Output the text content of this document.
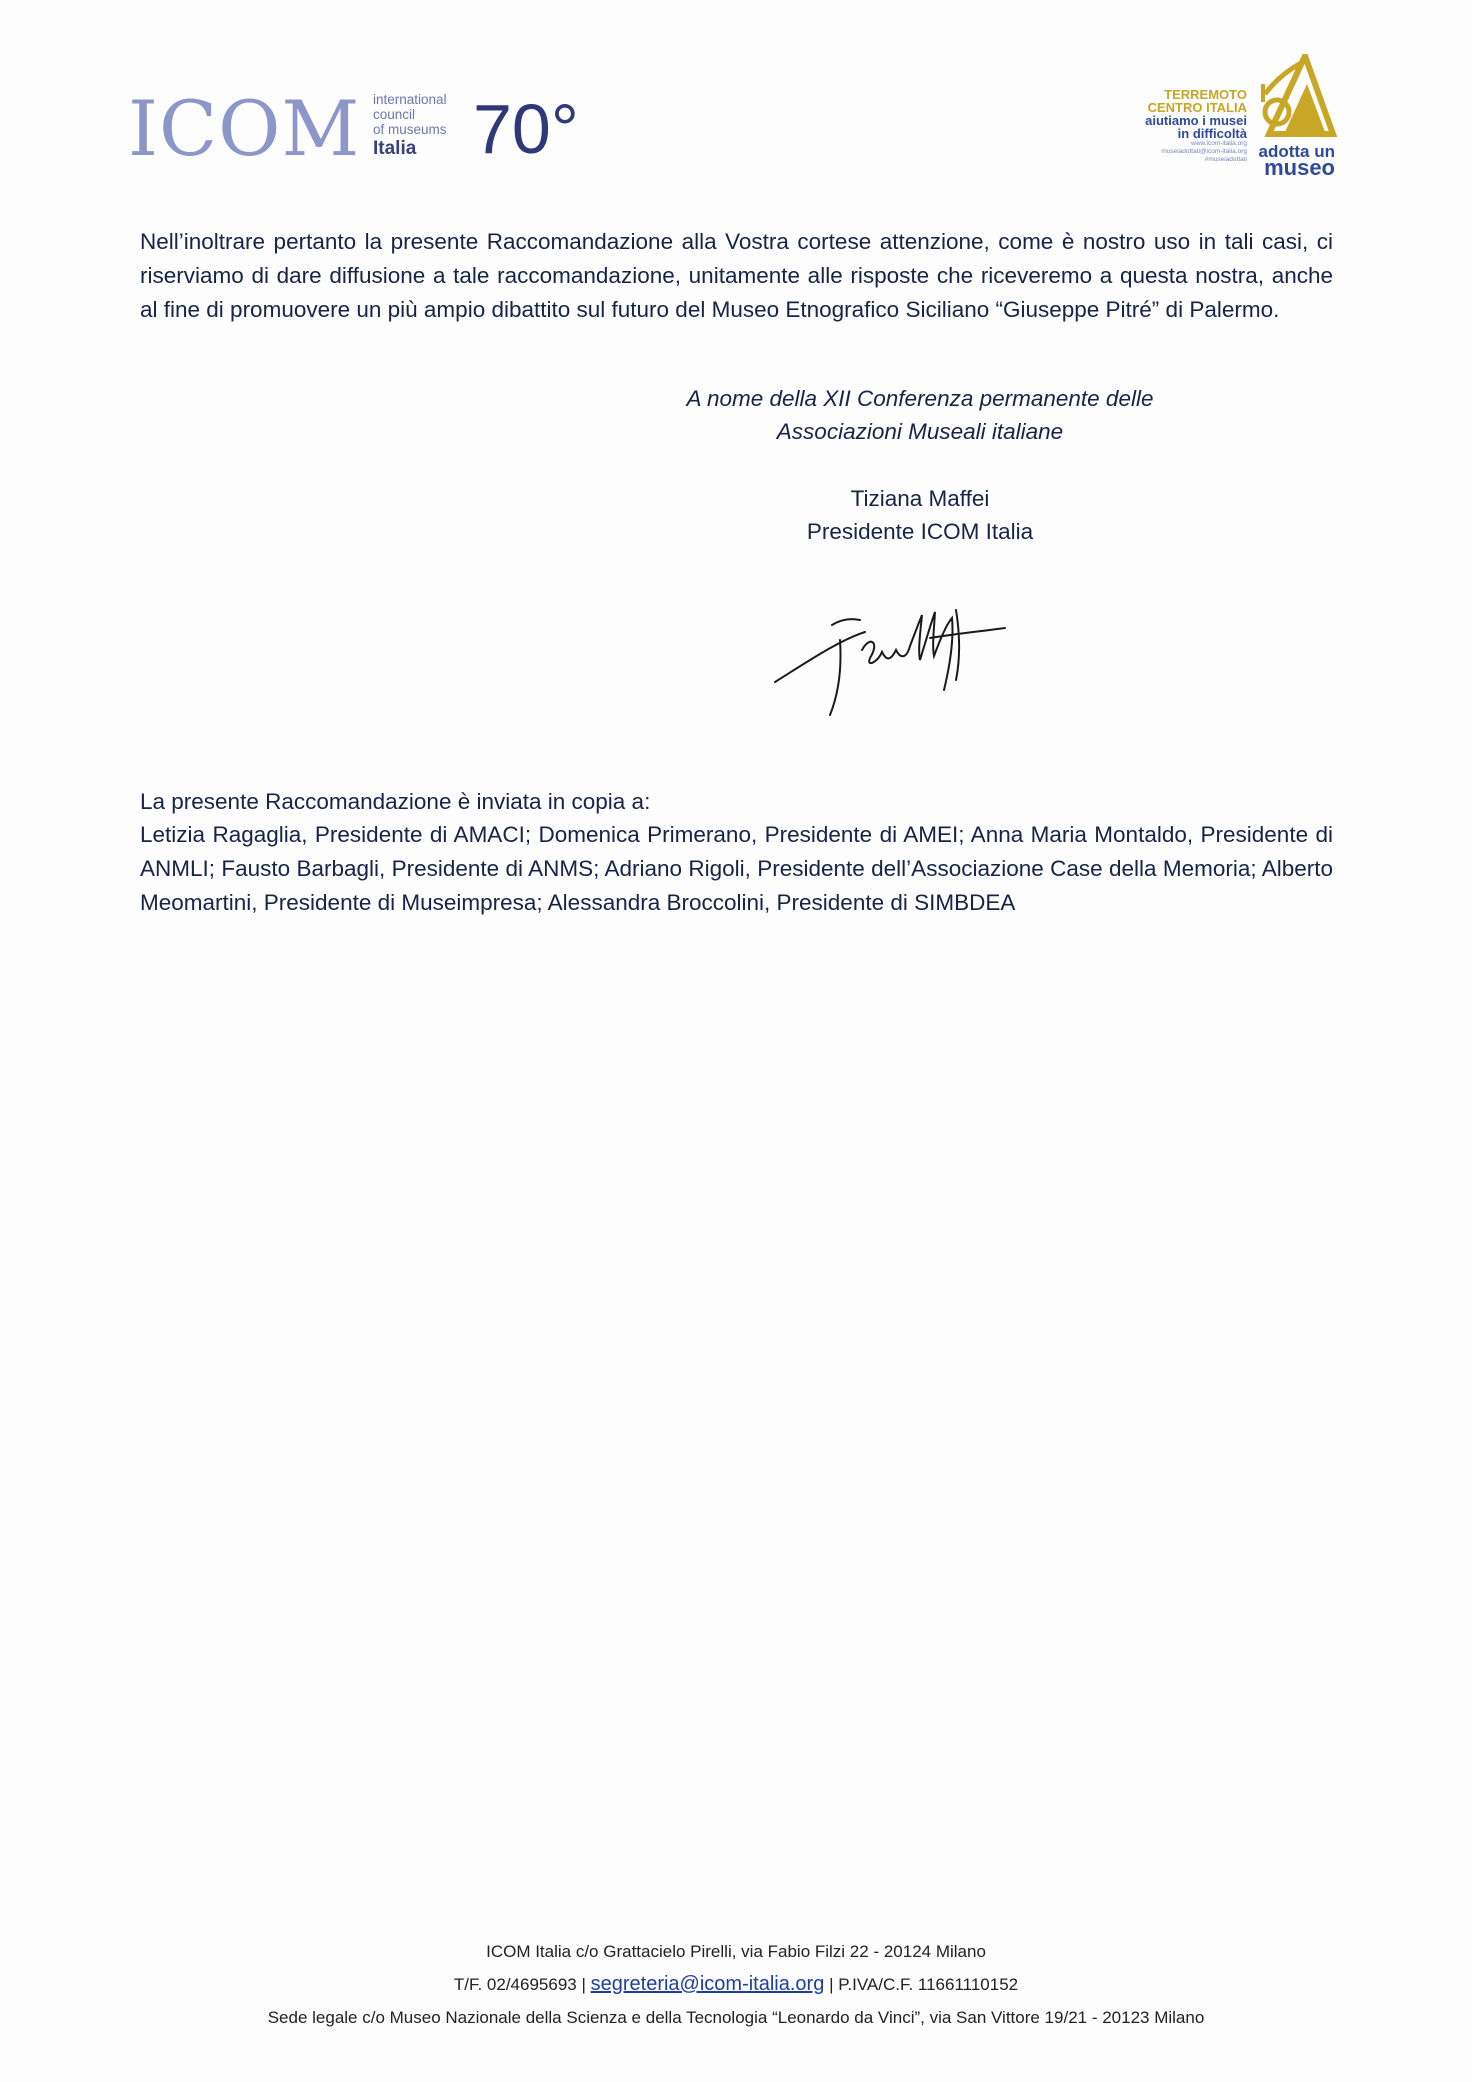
ICOM international
council
of museums
Italia 70°	TERREMOTO
CENTRO ITALIA
aiutiamo i musei
in difficoltà
www.icom-italia.org
museiadottati@icom-italia.org
#museiadottati adotta un
museo
Nell’inoltrare pertanto la presente Raccomandazione alla Vostra cortese attenzione, come è nostro uso in tali casi, ci riserviamo di dare diffusione a tale raccomandazione, unitamente alle risposte che riceveremo a questa nostra, anche al fine di promuovere un più ampio dibattito sul futuro del Museo Etnografico Siciliano “Giuseppe Pitré” di Palermo.
A nome della XII Conferenza permanente delle
Associazioni Museali italiane
Tiziana Maffei
Presidente ICOM Italia
La presente Raccomandazione è inviata in copia a:
Letizia Ragaglia, Presidente di AMACI; Domenica Primerano, Presidente di AMEI; Anna Maria Montaldo, Presidente di ANMLI; Fausto Barbagli, Presidente di ANMS; Adriano Rigoli, Presidente dell’Associazione Case della Memoria; Alberto Meomartini, Presidente di Museimpresa; Alessandra Broccolini, Presidente di SIMBDEA
ICOM Italia c/o Grattacielo Pirelli, via Fabio Filzi 22 - 20124 Milano
T/F. 02/4695693 | segreteria@icom-italia.org | P.IVA/C.F. 11661110152
Sede legale c/o Museo Nazionale della Scienza e della Tecnologia “Leonardo da Vinci”, via San Vittore 19/21 - 20123 Milano
